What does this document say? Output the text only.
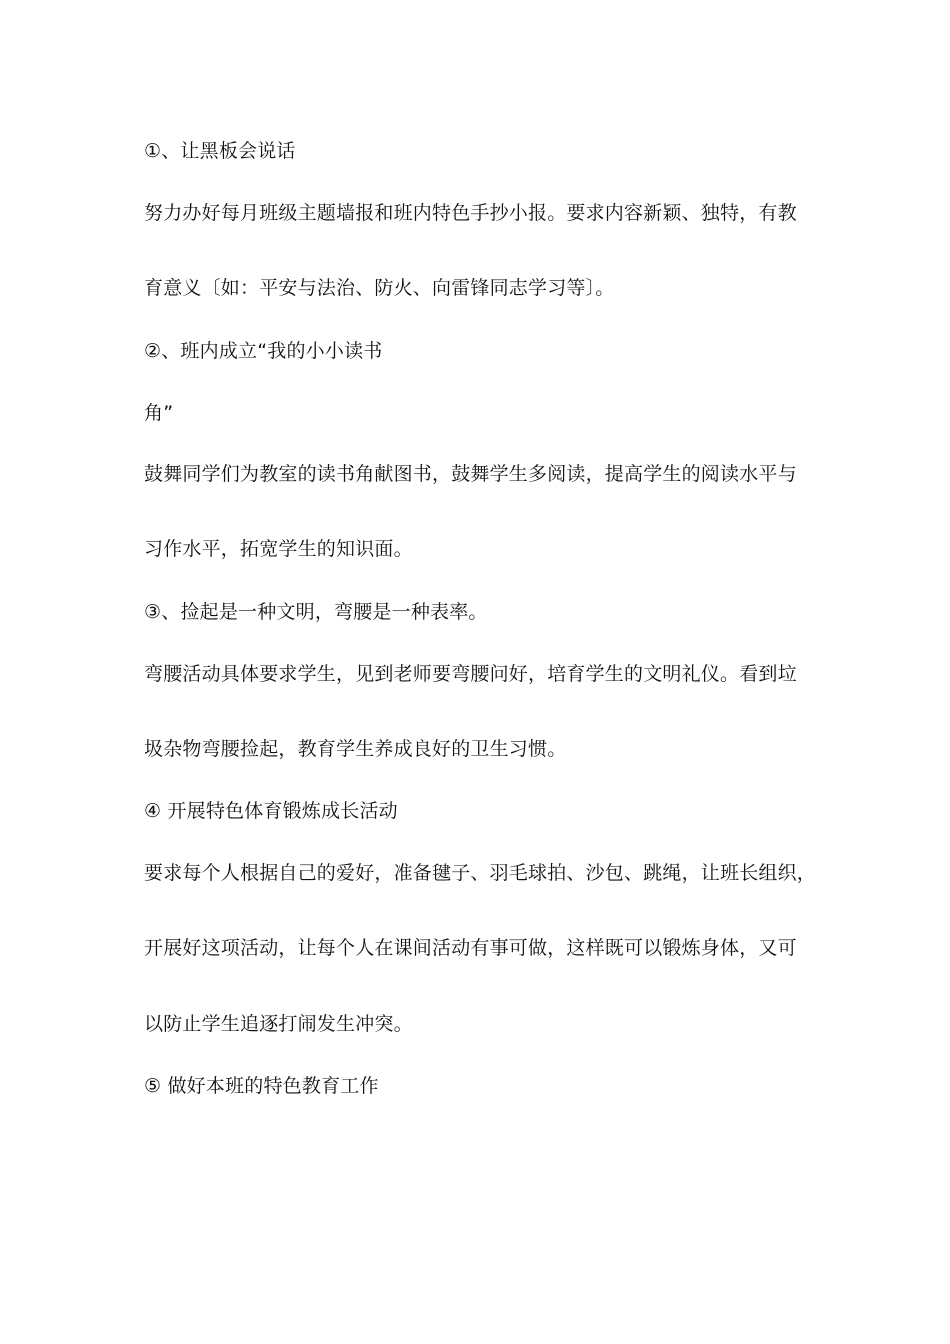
①、让黑板会说话
努力办好每月班级主题墙报和班内特色手抄小报。要求内容新颖、独特，有教
育意义〔如：平安与法治、防火、向雷锋同志学习等〕。
②、班内成立“我的小小读书
角”
鼓舞同学们为教室的读书角献图书，鼓舞学生多阅读，提高学生的阅读水平与
习作水平，拓宽学生的知识面。
③、捡起是一种文明，弯腰是一种表率。
弯腰活动具体要求学生，见到老师要弯腰问好，培育学生的文明礼仪。看到垃
圾杂物弯腰捡起，教育学生养成良好的卫生习惯。
④ 开展特色体育锻炼成长活动
要求每个人根据自己的爱好，准备毽子、羽毛球拍、沙包、跳绳，让班长组织，
开展好这项活动，让每个人在课间活动有事可做，这样既可以锻炼身体，又可
以防止学生追逐打闹发生冲突。
⑤ 做好本班的特色教育工作
